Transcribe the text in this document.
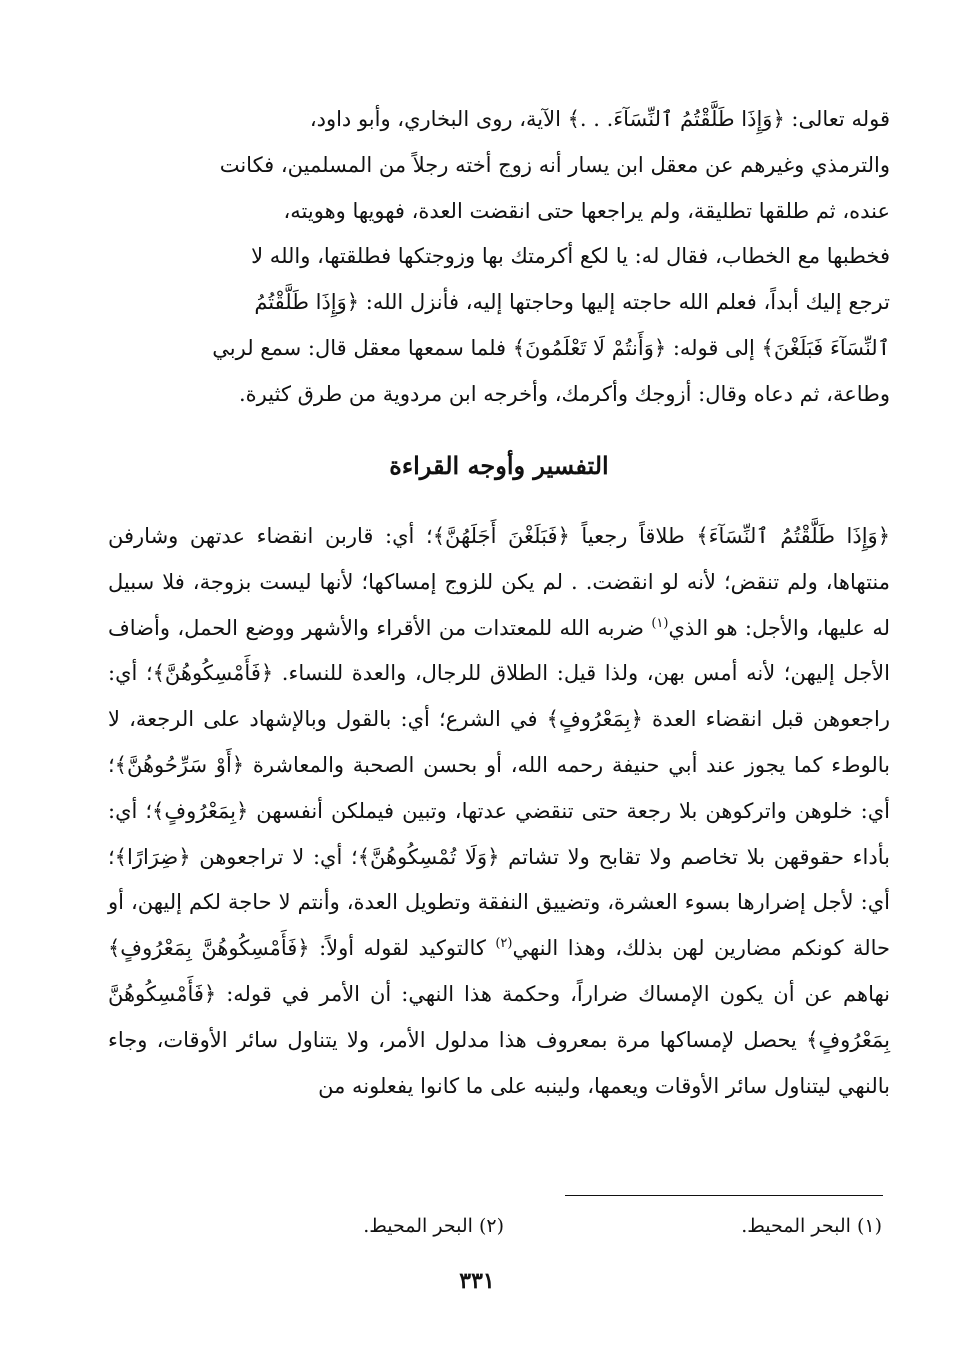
قوله تعالى: ﴿وَإِذَا طَلَّقْتُمُ ٱلنِّسَآءَ. . .﴾ الآية، روى البخاري، وأبو داود،

والترمذي وغيرهم عن معقل ابن يسار أنه زوج أخته رجلاً من المسلمين، فكانت

عنده، ثم طلقها تطليقة، ولم يراجعها حتى انقضت العدة، فهويها وهويته،

فخطبها مع الخطاب، فقال له: يا لكع أكرمتك بها وزوجتكها فطلقتها، والله لا

ترجع إليك أبداً، فعلم الله حاجته إليها وحاجتها إليه، فأنزل الله: ﴿وَإِذَا طَلَّقْتُمُ

ٱلنِّسَآءَ فَبَلَغْنَ﴾ إلى قوله: ﴿وَأَنتُمْ لَا تَعْلَمُونَ﴾ فلما سمعها معقل قال: سمع لربي

وطاعة، ثم دعاه وقال: أزوجك وأكرمك، وأخرجه ابن مردوية من طرق كثيرة.

التفسير وأوجه القراءة

﴿وَإِذَا طَلَّقْتُمُ ٱلنِّسَآءَ﴾ طلاقاً رجعياً ﴿فَبَلَغْنَ أَجَلَهُنَّ﴾؛ أي: قاربن انقضاء عدتهن وشارفن منتهاها، ولم تنقض؛ لأنه لو انقضت. . لم يكن للزوج إمساكها؛ لأنها ليست بزوجة، فلا سبيل له عليها، والأجل: هو الذي$^{(١)}$ ضربه الله للمعتدات من الأقراء والأشهر ووضع الحمل، وأضاف الأجل إليهن؛ لأنه أمس بهن، ولذا قيل: الطلاق للرجال، والعدة للنساء. ﴿فَأَمْسِكُوهُنَّ﴾؛ أي: راجعوهن قبل انقضاء العدة ﴿بِمَعْرُوفٍ﴾ في الشرع؛ أي: بالقول وبالإشهاد على الرجعة، لا بالوطء كما يجوز عند أبي حنيفة رحمه الله، أو بحسن الصحبة والمعاشرة ﴿أَوْ سَرِّحُوهُنَّ﴾؛ أي: خلوهن واتركوهن بلا رجعة حتى تنقضي عدتها، وتبين فيملكن أنفسهن ﴿بِمَعْرُوفٍ﴾؛ أي: بأداء حقوقهن بلا تخاصم ولا تقابح ولا تشاتم ﴿وَلَا تُمْسِكُوهُنَّ﴾؛ أي: لا تراجعوهن ﴿ضِرَارًا﴾؛ أي: لأجل إضرارها بسوء العشرة، وتضييق النفقة وتطويل العدة، وأنتم لا حاجة لكم إليهن، أو حالة كونكم مضارين لهن بذلك، وهذا النهي$^{(٢)}$ كالتوكيد لقوله أولاً: ﴿فَأَمْسِكُوهُنَّ بِمَعْرُوفٍ﴾ نهاهم عن أن يكون الإمساك ضراراً، وحكمة هذا النهي: أن الأمر في قوله: ﴿فَأَمْسِكُوهُنَّ بِمَعْرُوفٍ﴾ يحصل لإمساكها مرة بمعروف هذا مدلول الأمر، ولا يتناول سائر الأوقات، وجاء بالنهي ليتناول سائر الأوقات ويعمها، ولينبه على ما كانوا يفعلونه من

(١) البحر المحيط.
(٢) البحر المحيط.
٣٣١
